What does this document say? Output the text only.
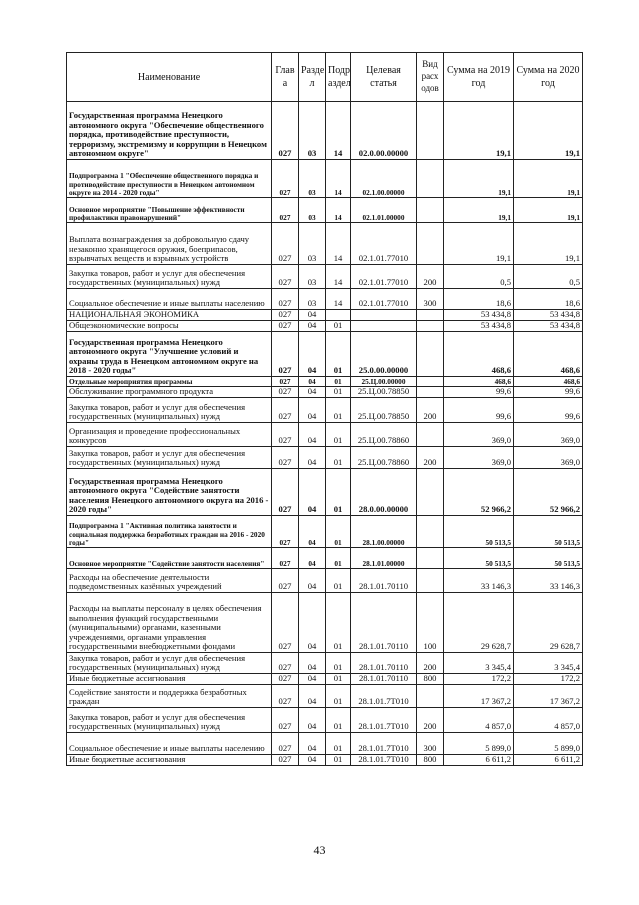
Наименование	Глав а	Разде л	Подр аздел	Целевая статья	Вид расх одов	Сумма на 2019 год	Сумма на 2020 год
Государственная программа Ненецкого автономного округа "Обеспечение общественного порядка, противодействие преступности, терроризму, экстремизму и коррупции в Ненецком автономном округе"	027	03	14	02.0.00.00000		19,1	19,1
Подпрограмма 1 "Обеспечение общественного порядка и противодействие преступности в Ненецком автономном округе на 2014 - 2020 годы"	027	03	14	02.1.00.00000		19,1	19,1
Основное мероприятие "Повышение эффективности профилактики правонарушений"	027	03	14	02.1.01.00000		19,1	19,1
Выплата вознаграждения за добровольную сдачу незаконно хранящегося оружия, боеприпасов, взрывчатых веществ и взрывных устройств	027	03	14	02.1.01.77010		19,1	19,1
Закупка товаров, работ и услуг для обеспечения государственных (муниципальных) нужд	027	03	14	02.1.01.77010	200	0,5	0,5
Социальное обеспечение и иные выплаты населению	027	03	14	02.1.01.77010	300	18,6	18,6
НАЦИОНАЛЬНАЯ ЭКОНОМИКА	027	04				53 434,8	53 434,8
Общеэкономические вопросы	027	04	01			53 434,8	53 434,8
Государственная программа Ненецкого автономного округа "Улучшение условий и охраны труда в Ненецком автономном округе на 2018 - 2020 годы"	027	04	01	25.0.00.00000		468,6	468,6
Отдельные мероприятия программы	027	04	01	25.Ц.00.00000		468,6	468,6
Обслуживание программного продукта	027	04	01	25.Ц.00.78850		99,6	99,6
Закупка товаров, работ и услуг для обеспечения государственных (муниципальных) нужд	027	04	01	25.Ц.00.78850	200	99,6	99,6
Организация и проведение профессиональных конкурсов	027	04	01	25.Ц.00.78860		369,0	369,0
Закупка товаров, работ и услуг для обеспечения государственных (муниципальных) нужд	027	04	01	25.Ц.00.78860	200	369,0	369,0
Государственная программа Ненецкого автономного округа "Содействие занятости населения Ненецкого автономного округа на 2016 - 2020 годы"	027	04	01	28.0.00.00000		52 966,2	52 966,2
Подпрограмма 1 "Активная политика занятости и социальная поддержка безработных граждан на 2016 - 2020 годы"	027	04	01	28.1.00.00000		50 513,5	50 513,5
Основное мероприятие "Содействие занятости населения"	027	04	01	28.1.01.00000		50 513,5	50 513,5
Расходы на обеспечение деятельности подведомственных казённых учреждений	027	04	01	28.1.01.70110		33 146,3	33 146,3
Расходы на выплаты персоналу в целях обеспечения выполнения функций государственными (муниципальными) органами, казенными учреждениями, органами управления государственными внебюджетными фондами	027	04	01	28.1.01.70110	100	29 628,7	29 628,7
Закупка товаров, работ и услуг для обеспечения государственных (муниципальных) нужд	027	04	01	28.1.01.70110	200	3 345,4	3 345,4
Иные бюджетные ассигнования	027	04	01	28.1.01.70110	800	172,2	172,2
Содействие занятости и поддержка безработных граждан	027	04	01	28.1.01.7Т010		17 367,2	17 367,2
Закупка товаров, работ и услуг для обеспечения государственных (муниципальных) нужд	027	04	01	28.1.01.7Т010	200	4 857,0	4 857,0
Социальное обеспечение и иные выплаты населению	027	04	01	28.1.01.7Т010	300	5 899,0	5 899,0
Иные бюджетные ассигнования	027	04	01	28.1.01.7Т010	800	6 611,2	6 611,2
43
